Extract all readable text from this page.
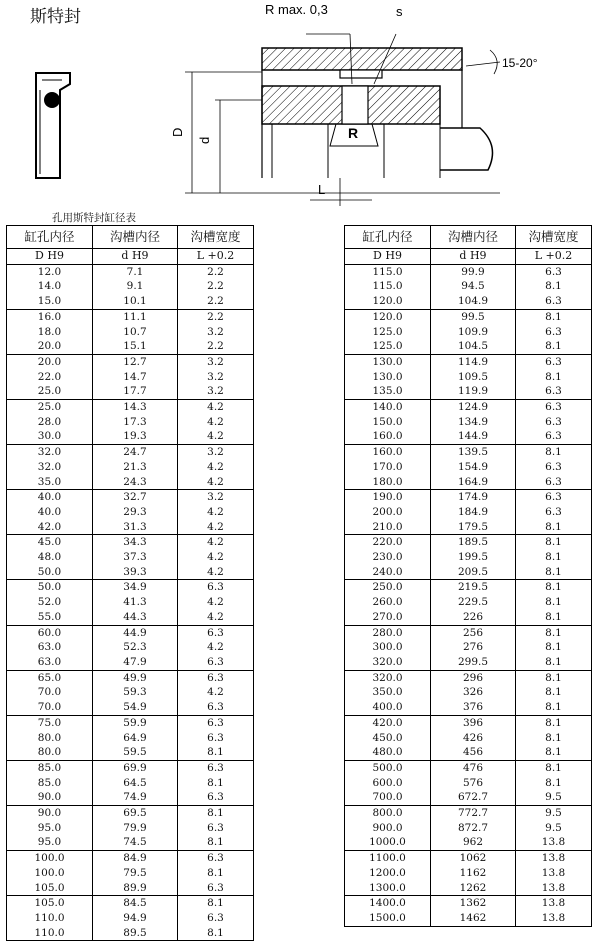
斯特封	R max. 0,3	s
15-20°
D
d	R
L
孔用斯特封缸径表
缸孔内径	沟槽内径	沟槽宽度
D H9	d H9	L +0.2
12.0	7.1	2.2
14.0	9.1	2.2
15.0	10.1	2.2
16.0	11.1	2.2
18.0	10.7	3.2
20.0	15.1	2.2
20.0	12.7	3.2
22.0	14.7	3.2
25.0	17.7	3.2
25.0	14.3	4.2
28.0	17.3	4.2
30.0	19.3	4.2
32.0	24.7	3.2
32.0	21.3	4.2
35.0	24.3	4.2
40.0	32.7	3.2
40.0	29.3	4.2
42.0	31.3	4.2
45.0	34.3	4.2
48.0	37.3	4.2
50.0	39.3	4.2
50.0	34.9	6.3
52.0	41.3	4.2
55.0	44.3	4.2
60.0	44.9	6.3
63.0	52.3	4.2
63.0	47.9	6.3
65.0	49.9	6.3
70.0	59.3	4.2
70.0	54.9	6.3
75.0	59.9	6.3
80.0	64.9	6.3
80.0	59.5	8.1
85.0	69.9	6.3
85.0	64.5	8.1
90.0	74.9	6.3
90.0	69.5	8.1
95.0	79.9	6.3
95.0	74.5	8.1
100.0	84.9	6.3
100.0	79.5	8.1
105.0	89.9	6.3
105.0	84.5	8.1
110.0	94.9	6.3
110.0	89.5	8.1
缸孔内径	沟槽内径	沟槽宽度
D H9	d H9	L +0.2
115.0	99.9	6.3
115.0	94.5	8.1
120.0	104.9	6.3
120.0	99.5	8.1
125.0	109.9	6.3
125.0	104.5	8.1
130.0	114.9	6.3
130.0	109.5	8.1
135.0	119.9	6.3
140.0	124.9	6.3
150.0	134.9	6.3
160.0	144.9	6.3
160.0	139.5	8.1
170.0	154.9	6.3
180.0	164.9	6.3
190.0	174.9	6.3
200.0	184.9	6.3
210.0	179.5	8.1
220.0	189.5	8.1
230.0	199.5	8.1
240.0	209.5	8.1
250.0	219.5	8.1
260.0	229.5	8.1
270.0	226	8.1
280.0	256	8.1
300.0	276	8.1
320.0	299.5	8.1
320.0	296	8.1
350.0	326	8.1
400.0	376	8.1
420.0	396	8.1
450.0	426	8.1
480.0	456	8.1
500.0	476	8.1
600.0	576	8.1
700.0	672.7	9.5
800.0	772.7	9.5
900.0	872.7	9.5
1000.0	962	13.8
1100.0	1062	13.8
1200.0	1162	13.8
1300.0	1262	13.8
1400.0	1362	13.8
1500.0	1462	13.8
